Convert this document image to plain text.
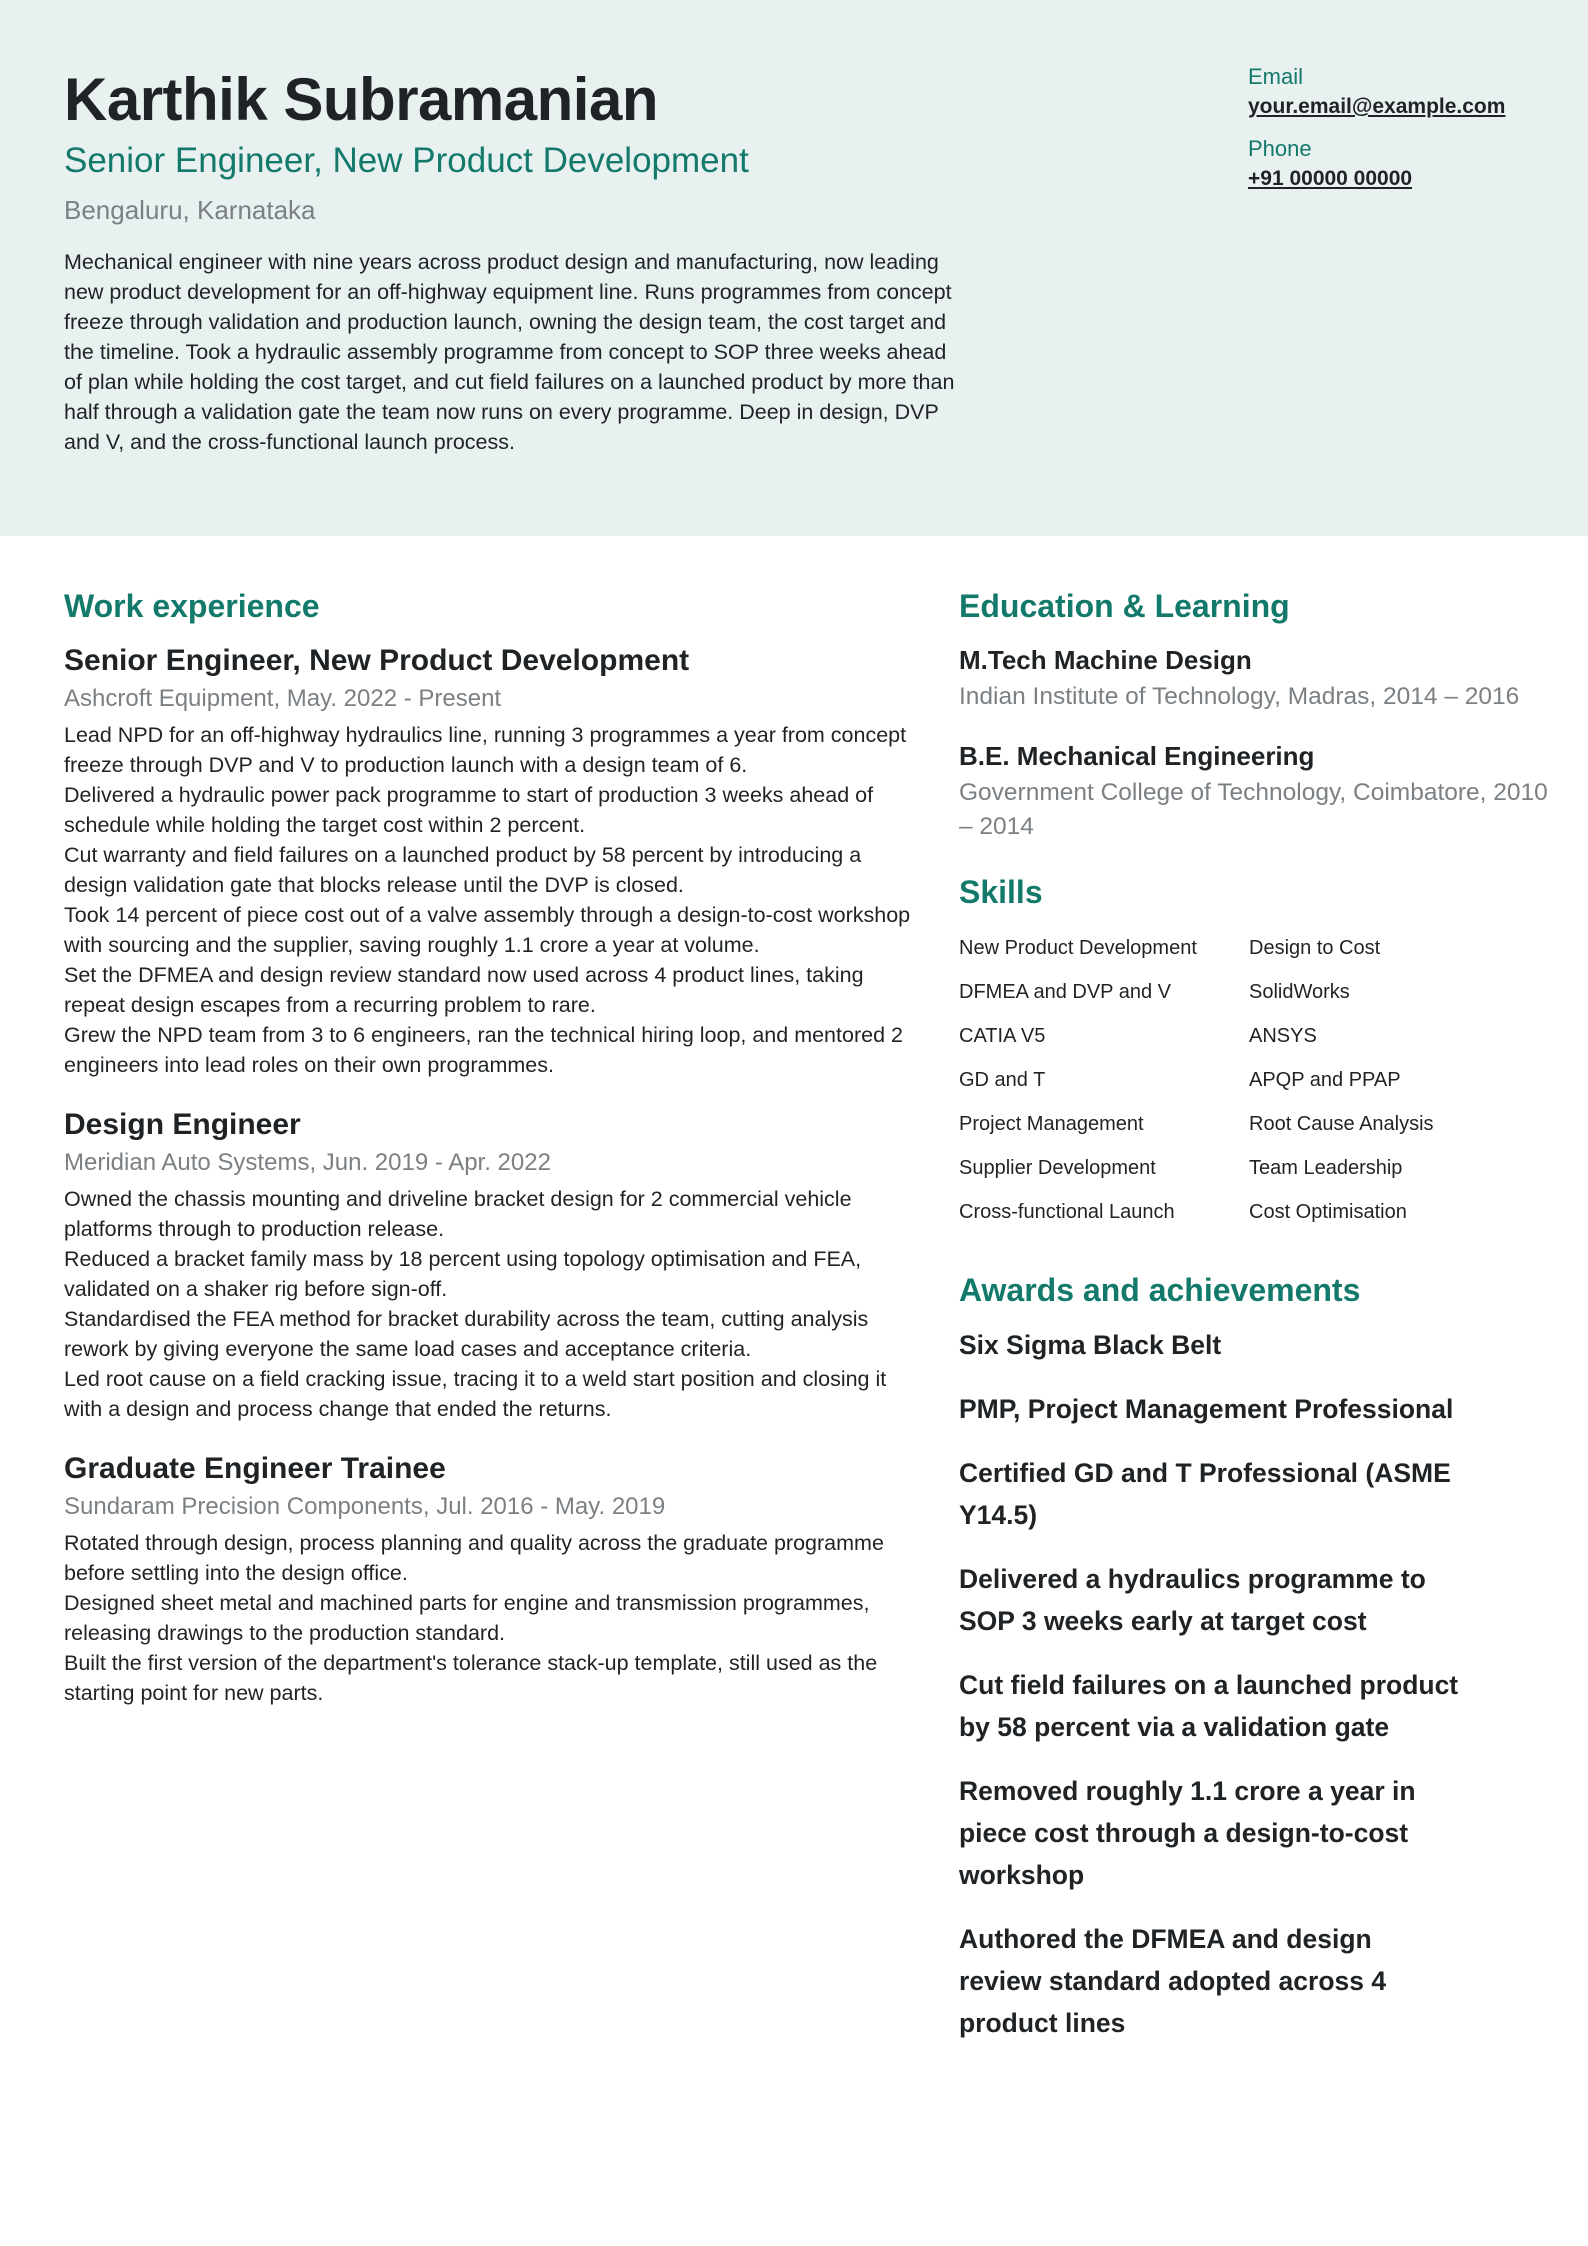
Karthik Subramanian
Senior Engineer, New Product Development
Bengaluru, Karnataka

Mechanical engineer with nine years across product design and manufacturing, now leading new product development for an off-highway equipment line. Runs programmes from concept freeze through validation and production launch, owning the design team, the cost target and the timeline. Took a hydraulic assembly programme from concept to SOP three weeks ahead of plan while holding the cost target, and cut field failures on a launched product by more than half through a validation gate the team now runs on every programme. Deep in design, DVP and V, and the cross-functional launch process.

Email
your.email@example.com
Phone
+91 00000 00000
Work experience
Senior Engineer, New Product Development
Ashcroft Equipment, May. 2022 - Present
Lead NPD for an off-highway hydraulics line, running 3 programmes a year from concept freeze through DVP and V to production launch with a design team of 6.
Delivered a hydraulic power pack programme to start of production 3 weeks ahead of schedule while holding the target cost within 2 percent.
Cut warranty and field failures on a launched product by 58 percent by introducing a design validation gate that blocks release until the DVP is closed.
Took 14 percent of piece cost out of a valve assembly through a design-to-cost workshop with sourcing and the supplier, saving roughly 1.1 crore a year at volume.
Set the DFMEA and design review standard now used across 4 product lines, taking repeat design escapes from a recurring problem to rare.
Grew the NPD team from 3 to 6 engineers, ran the technical hiring loop, and mentored 2 engineers into lead roles on their own programmes.
Design Engineer
Meridian Auto Systems, Jun. 2019 - Apr. 2022
Owned the chassis mounting and driveline bracket design for 2 commercial vehicle platforms through to production release.
Reduced a bracket family mass by 18 percent using topology optimisation and FEA, validated on a shaker rig before sign-off.
Standardised the FEA method for bracket durability across the team, cutting analysis rework by giving everyone the same load cases and acceptance criteria.
Led root cause on a field cracking issue, tracing it to a weld start position and closing it with a design and process change that ended the returns.
Graduate Engineer Trainee
Sundaram Precision Components, Jul. 2016 - May. 2019
Rotated through design, process planning and quality across the graduate programme before settling into the design office.
Designed sheet metal and machined parts for engine and transmission programmes, releasing drawings to the production standard.
Built the first version of the department's tolerance stack-up template, still used as the starting point for new parts.
Education & Learning
M.Tech Machine Design
Indian Institute of Technology, Madras, 2014 – 2016
B.E. Mechanical Engineering
Government College of Technology, Coimbatore, 2010 – 2014
Skills
New Product Development	Design to Cost
DFMEA and DVP and V	SolidWorks
CATIA V5	ANSYS
GD and T	APQP and PPAP
Project Management	Root Cause Analysis
Supplier Development	Team Leadership
Cross-functional Launch	Cost Optimisation
Awards and achievements
Six Sigma Black Belt
PMP, Project Management Professional
Certified GD and T Professional (ASME Y14.5)
Delivered a hydraulics programme to SOP 3 weeks early at target cost
Cut field failures on a launched product by 58 percent via a validation gate
Removed roughly 1.1 crore a year in piece cost through a design-to-cost workshop
Authored the DFMEA and design review standard adopted across 4 product lines
